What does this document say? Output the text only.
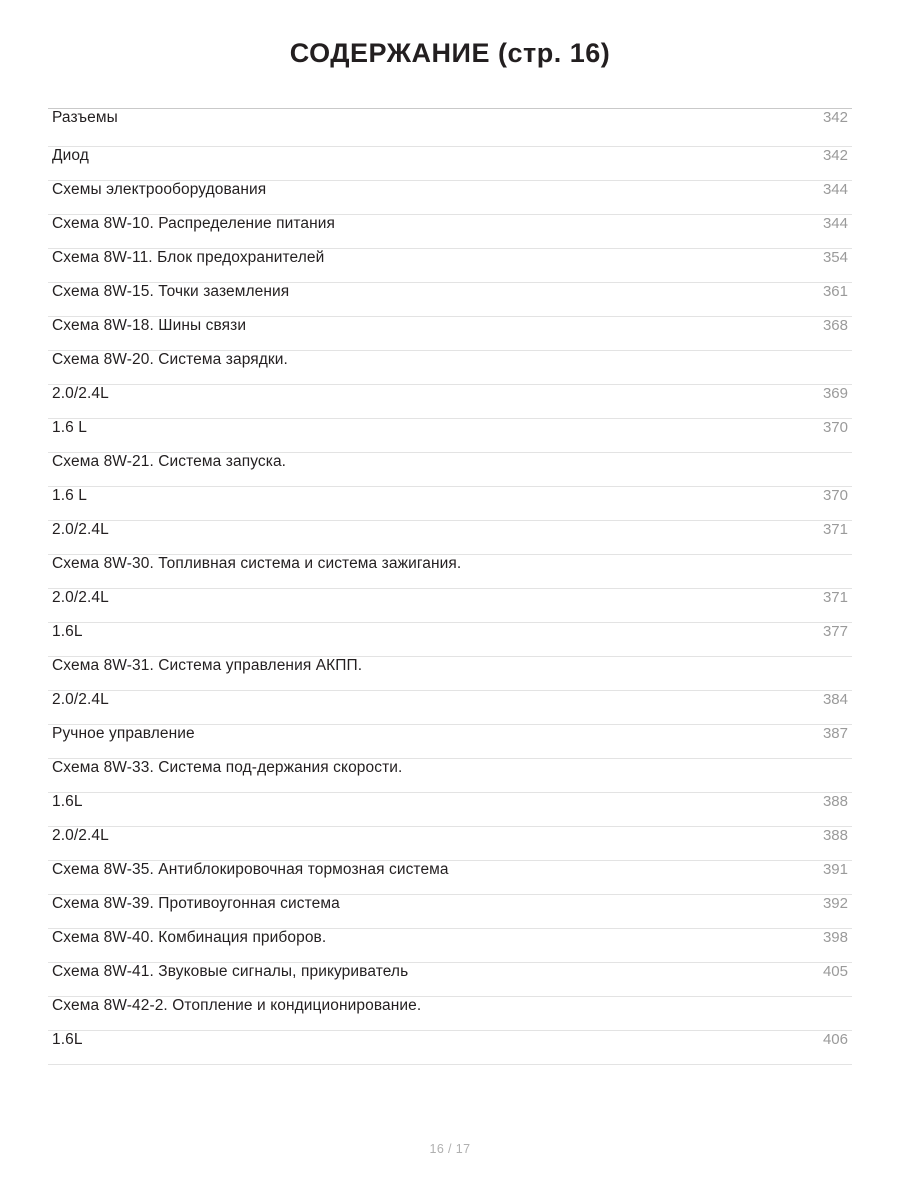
СОДЕРЖАНИЕ (стр. 16)
Разъемы	342
Диод	342
Схемы электрооборудования	344
Схема 8W-10. Распределение питания	344
Схема 8W-11. Блок предохранителей	354
Схема 8W-15. Точки заземления	361
Схема 8W-18. Шины связи	368
Схема 8W-20. Система зарядки.
2.0/2.4L	369
1.6 L	370
Схема 8W-21. Система запуска.
1.6 L	370
2.0/2.4L	371
Схема 8W-30. Топливная система и система зажигания.
2.0/2.4L	371
1.6L	377
Схема 8W-31. Система управления АКПП.
2.0/2.4L	384
Ручное управление	387
Схема 8W-33. Система под-держания скорости.
1.6L	388
2.0/2.4L	388
Схема 8W-35. Антиблокировочная тормозная система	391
Схема 8W-39. Противоугонная система	392
Схема 8W-40. Комбинация приборов.	398
Схема 8W-41. Звуковые сигналы, прикуриватель	405
Схема 8W-42-2. Отопление и кондиционирование.
1.6L	406
16 / 17
